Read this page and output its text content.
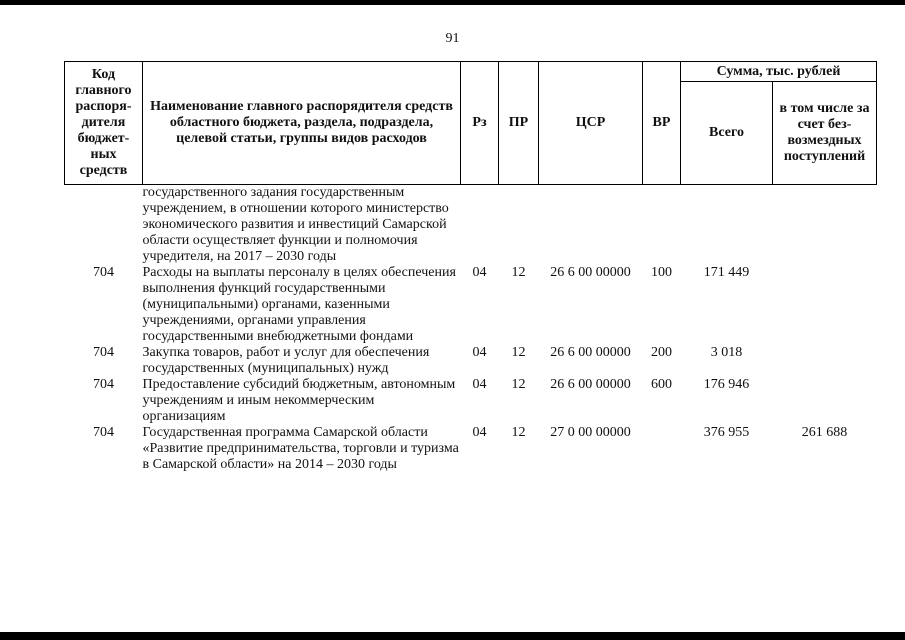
91
Код главного распоря-дителя бюджет-ных средств	Наименование главного распорядителя средств областного бюджета, раздела, подраздела, целевой статьи, группы видов расходов	Рз	ПР	ЦСР	ВР	Сумма, тыс. рублей	
						Всего	в том числе за счет без-возмездных поступлений
	государственного задания государственным учреждением, в отношении которого министерство экономического развития и инвестиций Самарской области осуществляет функции и полномочия учредителя, на 2017 – 2030 годы						
704	Расходы на выплаты персоналу в целях обеспечения выполнения функций государственными (муниципальными) органами, казенными учреждениями, органами управления государственными внебюджетными фондами	04	12	26 6 00 00000	100	171 449	
704	Закупка товаров, работ и услуг для обеспечения государственных (муниципальных) нужд	04	12	26 6 00 00000	200	3 018	
704	Предоставление субсидий бюджетным, автономным учреждениям и иным некоммерческим организациям	04	12	26 6 00 00000	600	176 946	
704	Государственная программа Самарской области «Развитие предпринимательства, торговли и туризма в Самарской области» на 2014 – 2030 годы	04	12	27 0 00 00000		376 955	261 688
